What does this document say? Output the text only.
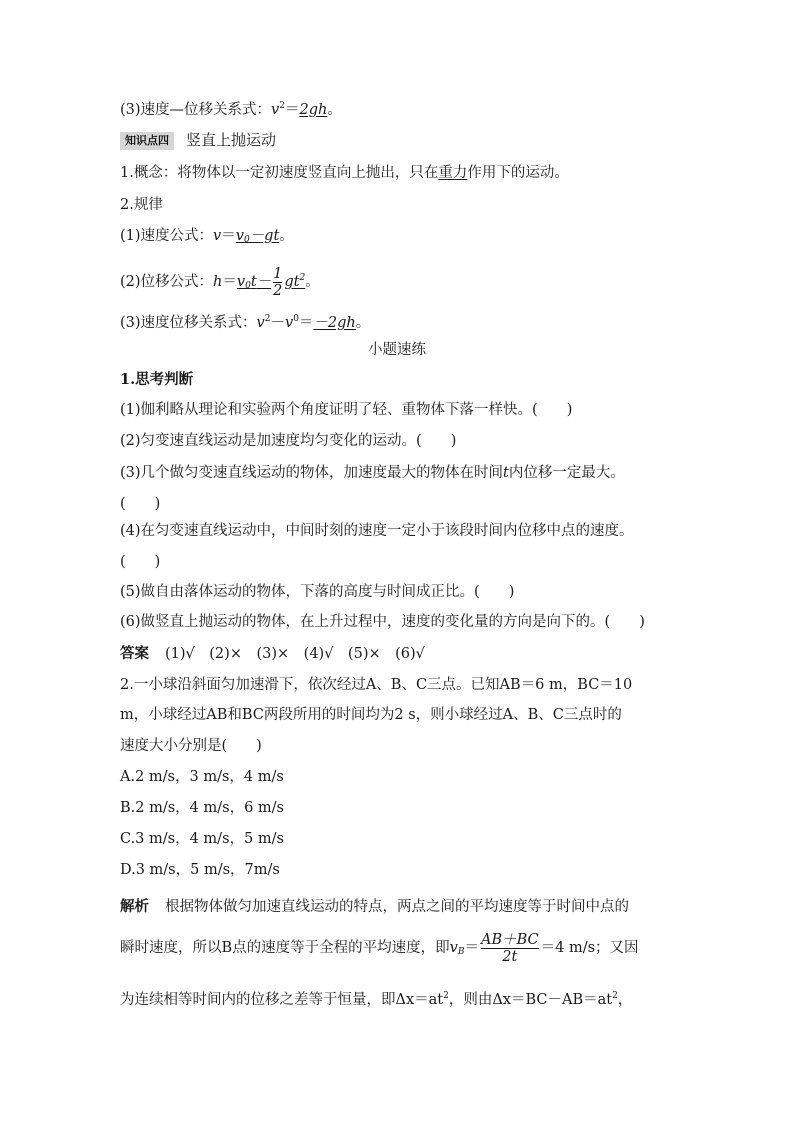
(3)速度—位移关系式：$v^2=2gh$。
知识点四 竖直上抛运动
1.概念：将物体以一定初速度竖直向上抛出，只在重力作用下的运动。
2.规律
(1)速度公式：$v=v_0-gt$。
(2)位移公式：$h=v_0t- \frac{1}{2} gt^2$。
(3)速度位移关系式：$v^2-v^0=-2gh$。
小题速练
1.思考判断
(1)伽利略从理论和实验两个角度证明了轻、重物体下落一样快。(　　)
(2)匀变速直线运动是加速度均匀变化的运动。(　　)
(3)几个做匀变速直线运动的物体，加速度最大的物体在时间t内位移一定最大。
(　　)
(4)在匀变速直线运动中，中间时刻的速度一定小于该段时间内位移中点的速度。
(　　)
(5)做自由落体运动的物体，下落的高度与时间成正比。(　　)
(6)做竖直上抛运动的物体，在上升过程中，速度的变化量的方向是向下的。(　　)
答案 (1)√　(2)×　(3)×　(4)√　(5)×　(6)√
2.一小球沿斜面匀加速滑下，依次经过A、B、C三点。已知AB＝6 m，BC＝10
m，小球经过AB和BC两段所用的时间均为2 s，则小球经过A、B、C三点时的
速度大小分别是(　　)
A.2 m/s，3 m/s，4 m/s
B.2 m/s，4 m/s，6 m/s
C.3 m/s，4 m/s，5 m/s
D.3 m/s，5 m/s，7m/s
解析 根据物体做匀加速直线运动的特点，两点之间的平均速度等于时间中点的
瞬时速度，所以B点的速度等于全程的平均速度，即$v_B= \frac{AB+BC}{2t} =4$ m/s；又因
为连续相等时间内的位移之差等于恒量，即$\Delta x=at^2$，则由$\Delta x=BC-AB=at^2$，
